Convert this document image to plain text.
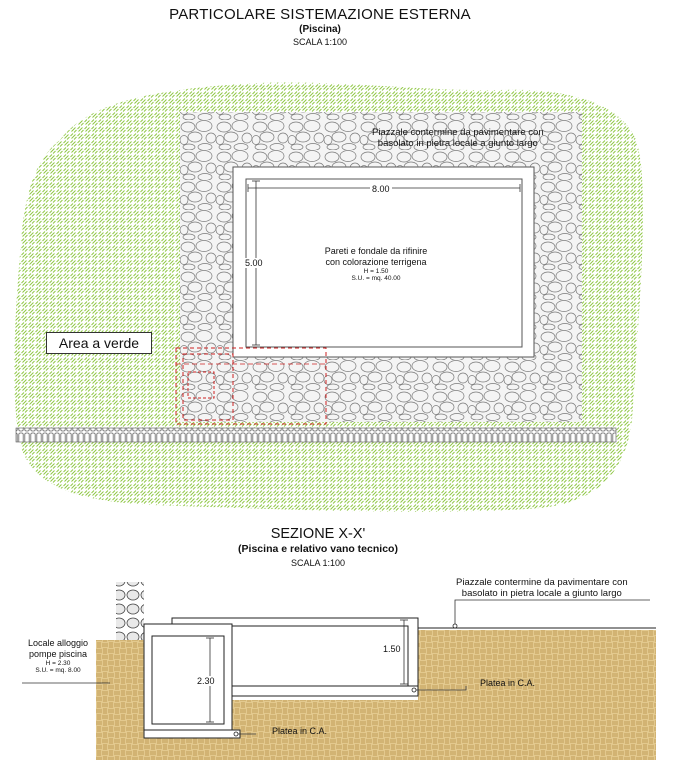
PARTICOLARE SISTEMAZIONE ESTERNA
(Piscina)
SCALA 1:100
Piazzale contermine da pavimentare con
basolato in pietra locale a giunto largo
8.00
5.00
Pareti e fondale da rifinire
con colorazione terrigena
H = 1.50
S.U. = mq. 40.00
Area a verde
SEZIONE X-X'
(Piscina e relativo vano tecnico)
SCALA 1:100
Piazzale contermine da pavimentare con
basolato in pietra locale a giunto largo
Locale alloggio
pompe piscina
H = 2.30
S.U. = mq. 8.00
2.30
1.50
Platea in C.A.
Platea in C.A.
